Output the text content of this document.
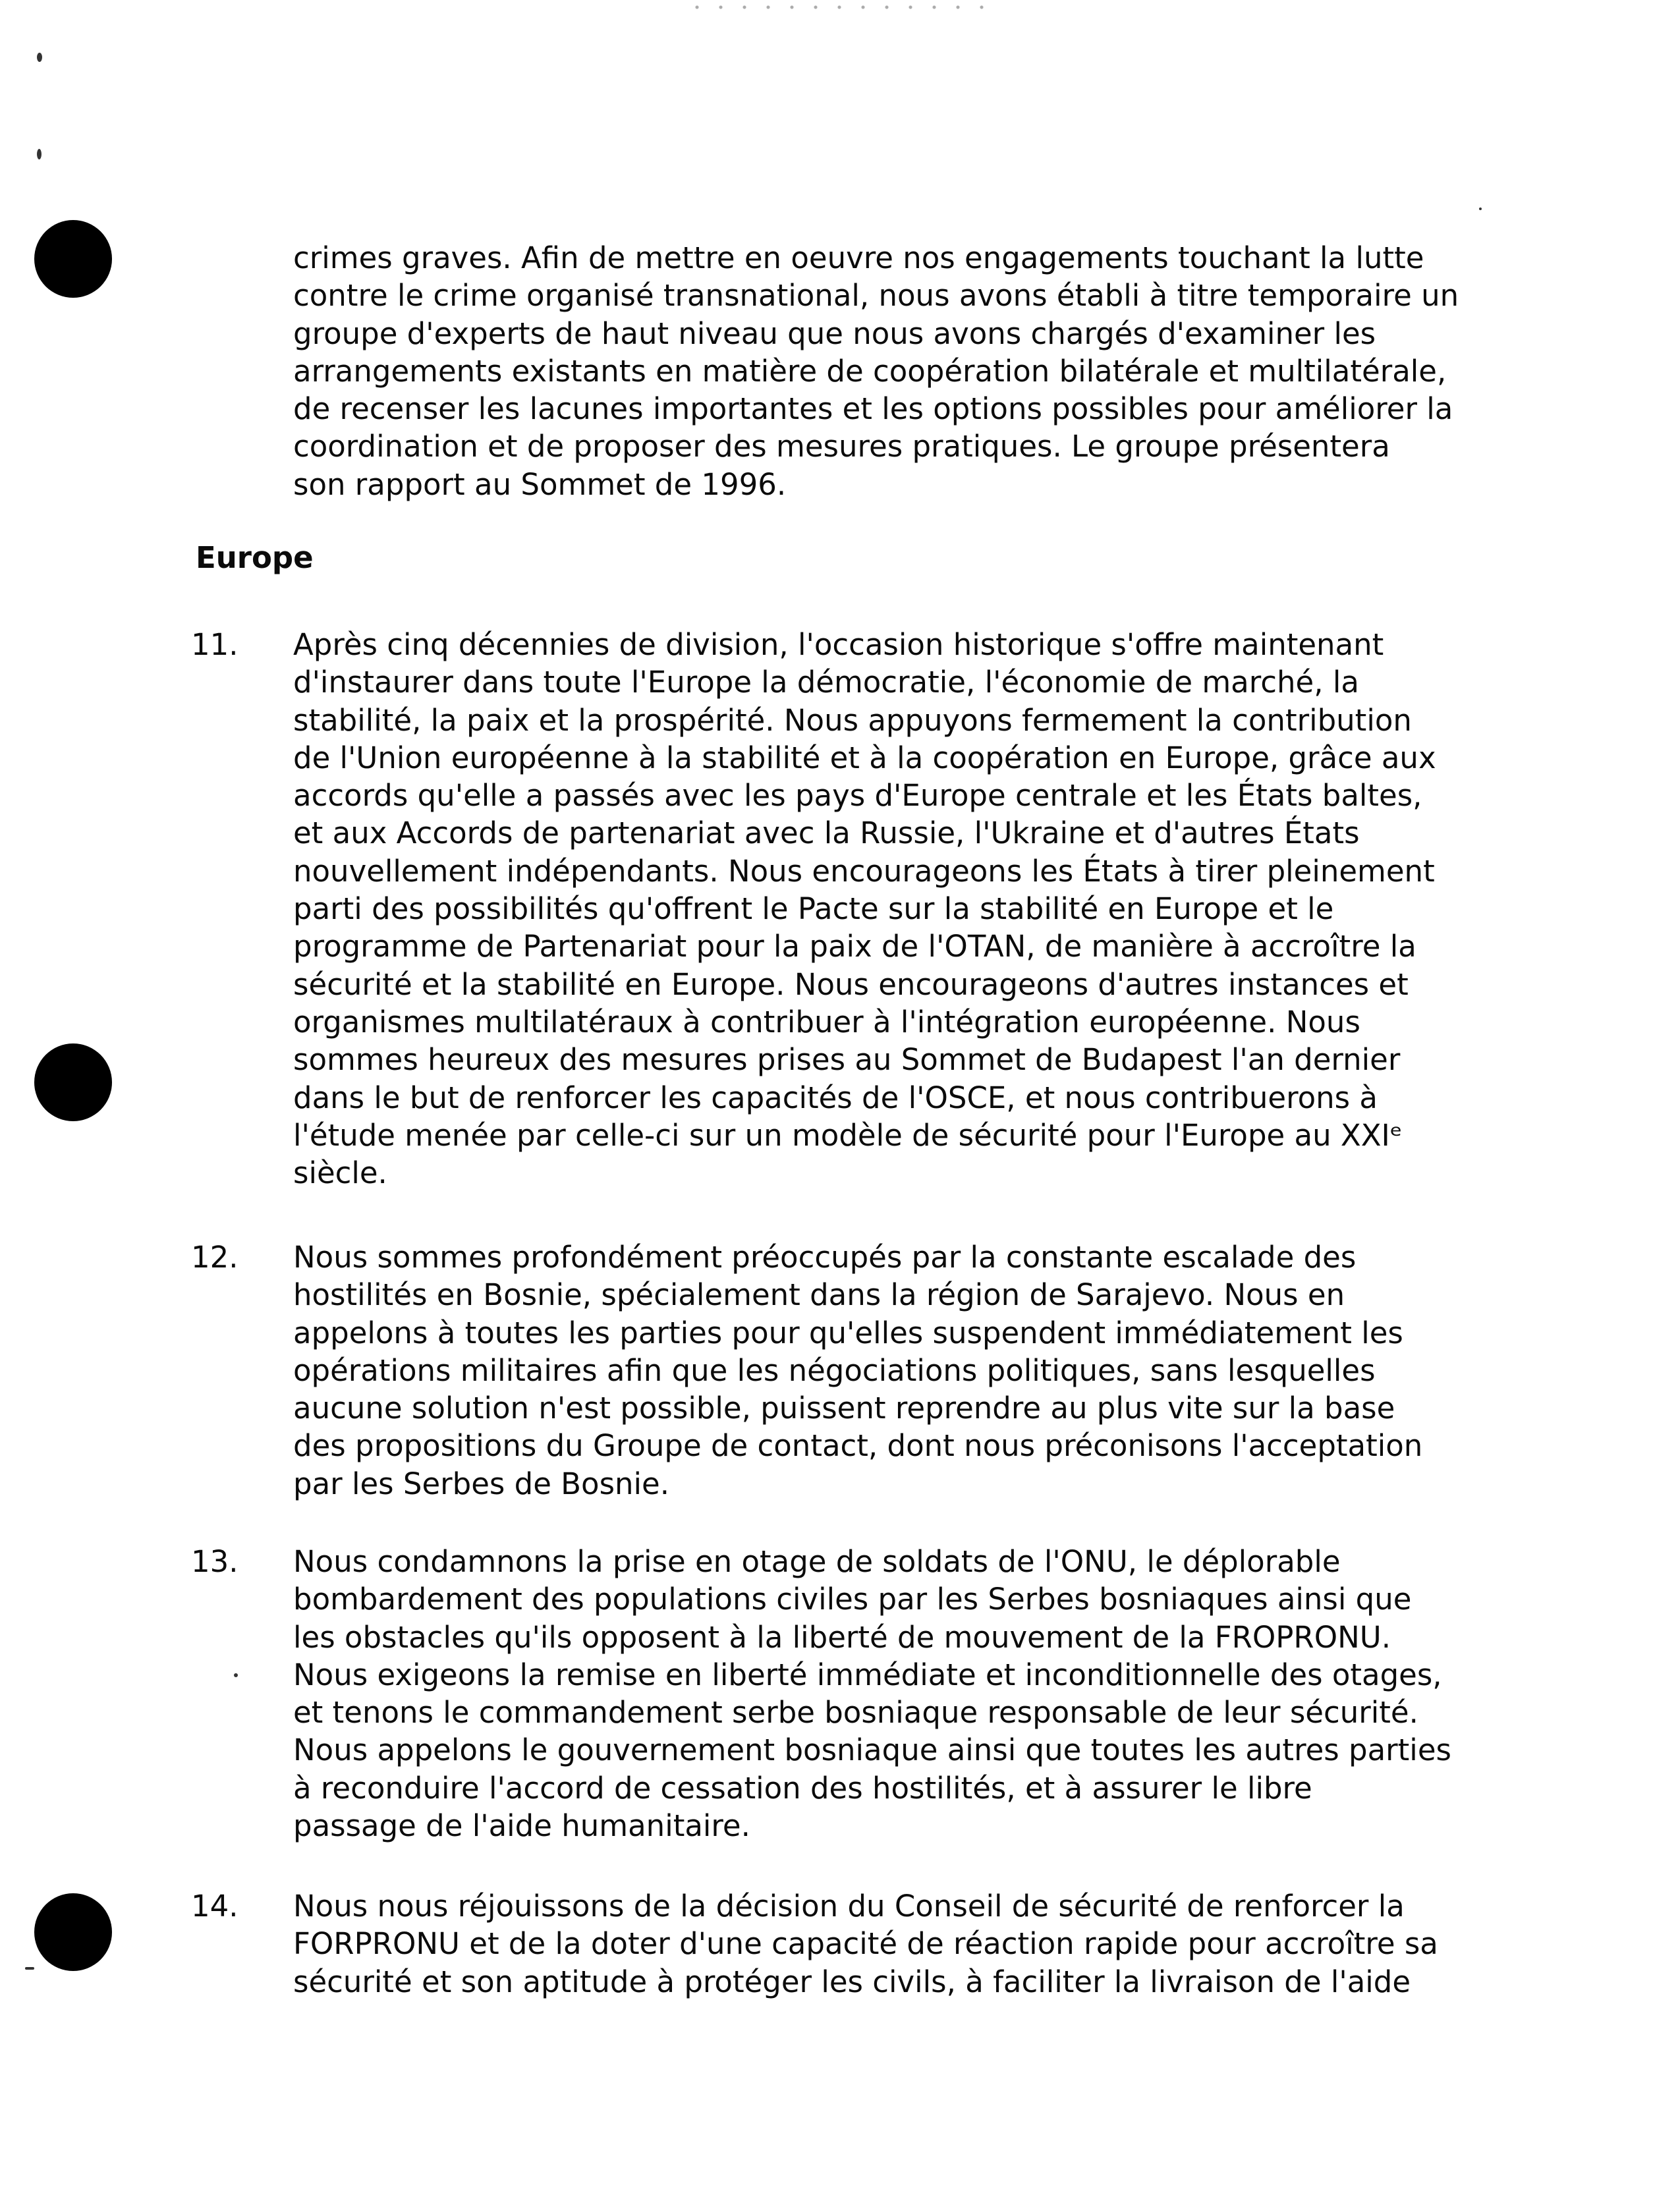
crimes graves. Afin de mettre en oeuvre nos engagements touchant la lutte
contre le crime organisé transnational, nous avons établi à titre temporaire un
groupe d'experts de haut niveau que nous avons chargés d'examiner les
arrangements existants en matière de coopération bilatérale et multilatérale,
de recenser les lacunes importantes et les options possibles pour améliorer la
coordination et de proposer des mesures pratiques. Le groupe présentera
son rapport au Sommet de 1996.

Europe

11. Après cinq décennies de division, l'occasion historique s'offre maintenant
d'instaurer dans toute l'Europe la démocratie, l'économie de marché, la
stabilité, la paix et la prospérité. Nous appuyons fermement la contribution
de l'Union européenne à la stabilité et à la coopération en Europe, grâce aux
accords qu'elle a passés avec les pays d'Europe centrale et les États baltes,
et aux Accords de partenariat avec la Russie, l'Ukraine et d'autres États
nouvellement indépendants. Nous encourageons les États à tirer pleinement
parti des possibilités qu'offrent le Pacte sur la stabilité en Europe et le
programme de Partenariat pour la paix de l'OTAN, de manière à accroître la
sécurité et la stabilité en Europe. Nous encourageons d'autres instances et
organismes multilatéraux à contribuer à l'intégration européenne. Nous
sommes heureux des mesures prises au Sommet de Budapest l'an dernier
dans le but de renforcer les capacités de l'OSCE, et nous contribuerons à
l'étude menée par celle-ci sur un modèle de sécurité pour l'Europe au XXIᵉ
siècle.

12. Nous sommes profondément préoccupés par la constante escalade des
hostilités en Bosnie, spécialement dans la région de Sarajevo. Nous en
appelons à toutes les parties pour qu'elles suspendent immédiatement les
opérations militaires afin que les négociations politiques, sans lesquelles
aucune solution n'est possible, puissent reprendre au plus vite sur la base
des propositions du Groupe de contact, dont nous préconisons l'acceptation
par les Serbes de Bosnie.

13. Nous condamnons la prise en otage de soldats de l'ONU, le déplorable
bombardement des populations civiles par les Serbes bosniaques ainsi que
les obstacles qu'ils opposent à la liberté de mouvement de la FROPRONU.
Nous exigeons la remise en liberté immédiate et inconditionnelle des otages,
et tenons le commandement serbe bosniaque responsable de leur sécurité.
Nous appelons le gouvernement bosniaque ainsi que toutes les autres parties
à reconduire l'accord de cessation des hostilités, et à assurer le libre
passage de l'aide humanitaire.

14. Nous nous réjouissons de la décision du Conseil de sécurité de renforcer la
FORPRONU et de la doter d'une capacité de réaction rapide pour accroître sa
sécurité et son aptitude à protéger les civils, à faciliter la livraison de l'aide
